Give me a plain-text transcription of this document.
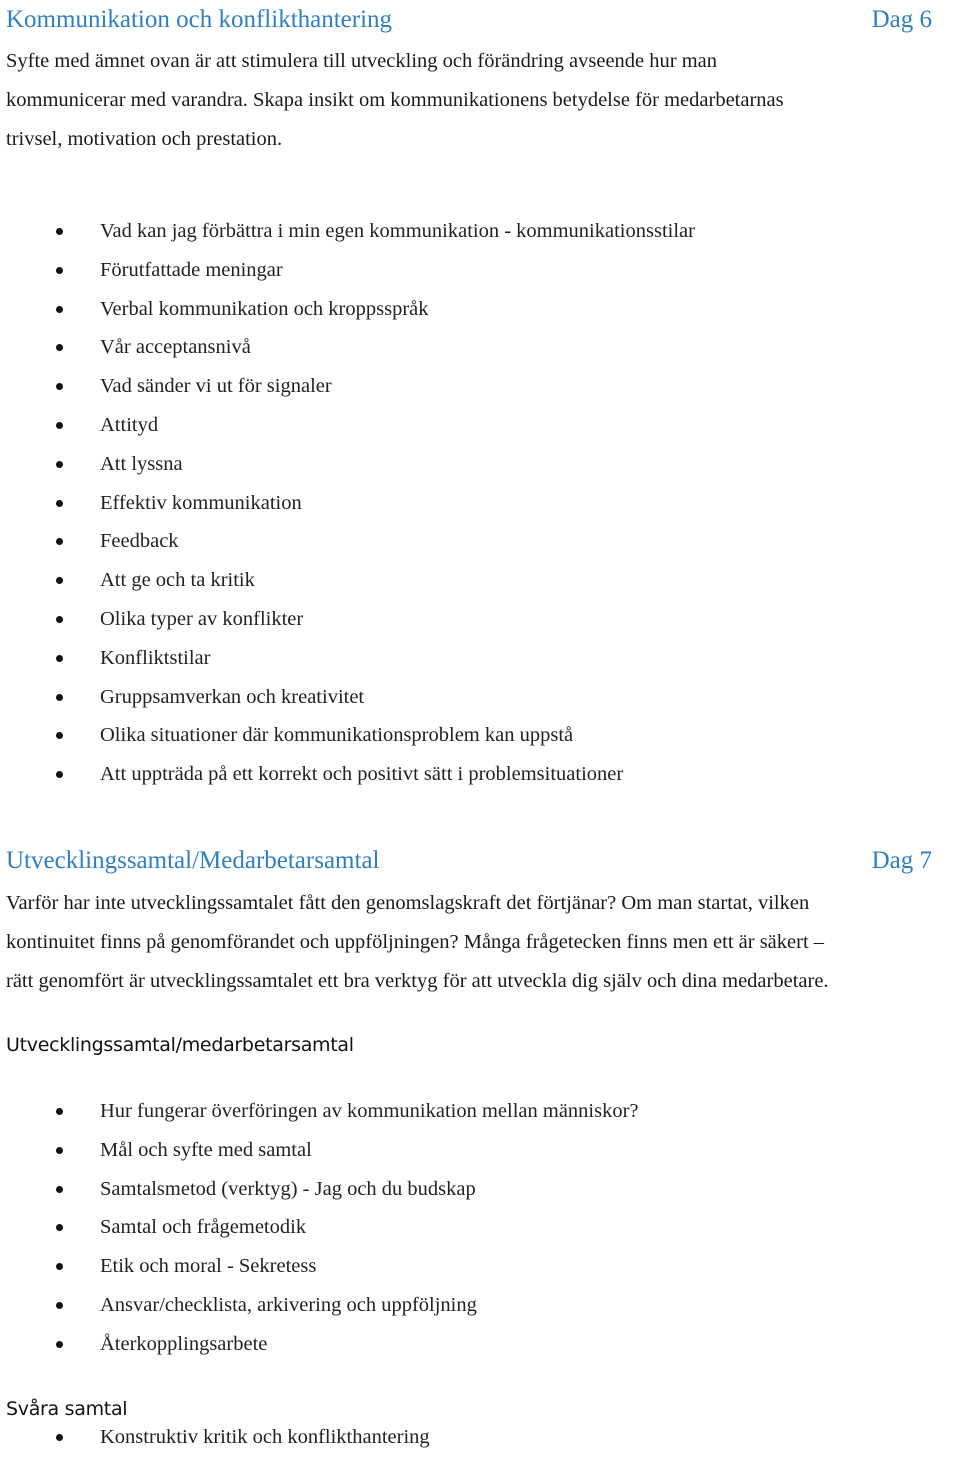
Kommunikation och konflikthantering	Dag 6
Syfte med ämnet ovan är att stimulera till utveckling och förändring avseende hur man
kommunicerar med varandra. Skapa insikt om kommunikationens betydelse för medarbetarnas
trivsel, motivation och prestation.
Vad kan jag förbättra i min egen kommunikation - kommunikationsstilar
Förutfattade meningar
Verbal kommunikation och kroppsspråk
Vår acceptansnivå
Vad sänder vi ut för signaler
Attityd
Att lyssna
Effektiv kommunikation
Feedback
Att ge och ta kritik
Olika typer av konflikter
Konfliktstilar
Gruppsamverkan och kreativitet
Olika situationer där kommunikationsproblem kan uppstå
Att uppträda på ett korrekt och positivt sätt i problemsituationer
Utvecklingssamtal/Medarbetarsamtal	Dag 7
Varför har inte utvecklingssamtalet fått den genomslagskraft det förtjänar? Om man startat, vilken
kontinuitet finns på genomförandet och uppföljningen? Många frågetecken finns men ett är säkert –
rätt genomfört är utvecklingssamtalet ett bra verktyg för att utveckla dig själv och dina medarbetare.
Utvecklingssamtal/medarbetarsamtal
Hur fungerar överföringen av kommunikation mellan människor?
Mål och syfte med samtal
Samtalsmetod (verktyg) - Jag och du budskap
Samtal och frågemetodik
Etik och moral - Sekretess
Ansvar/checklista, arkivering och uppföljning
Återkopplingsarbete
Svåra samtal
Konstruktiv kritik och konflikthantering
